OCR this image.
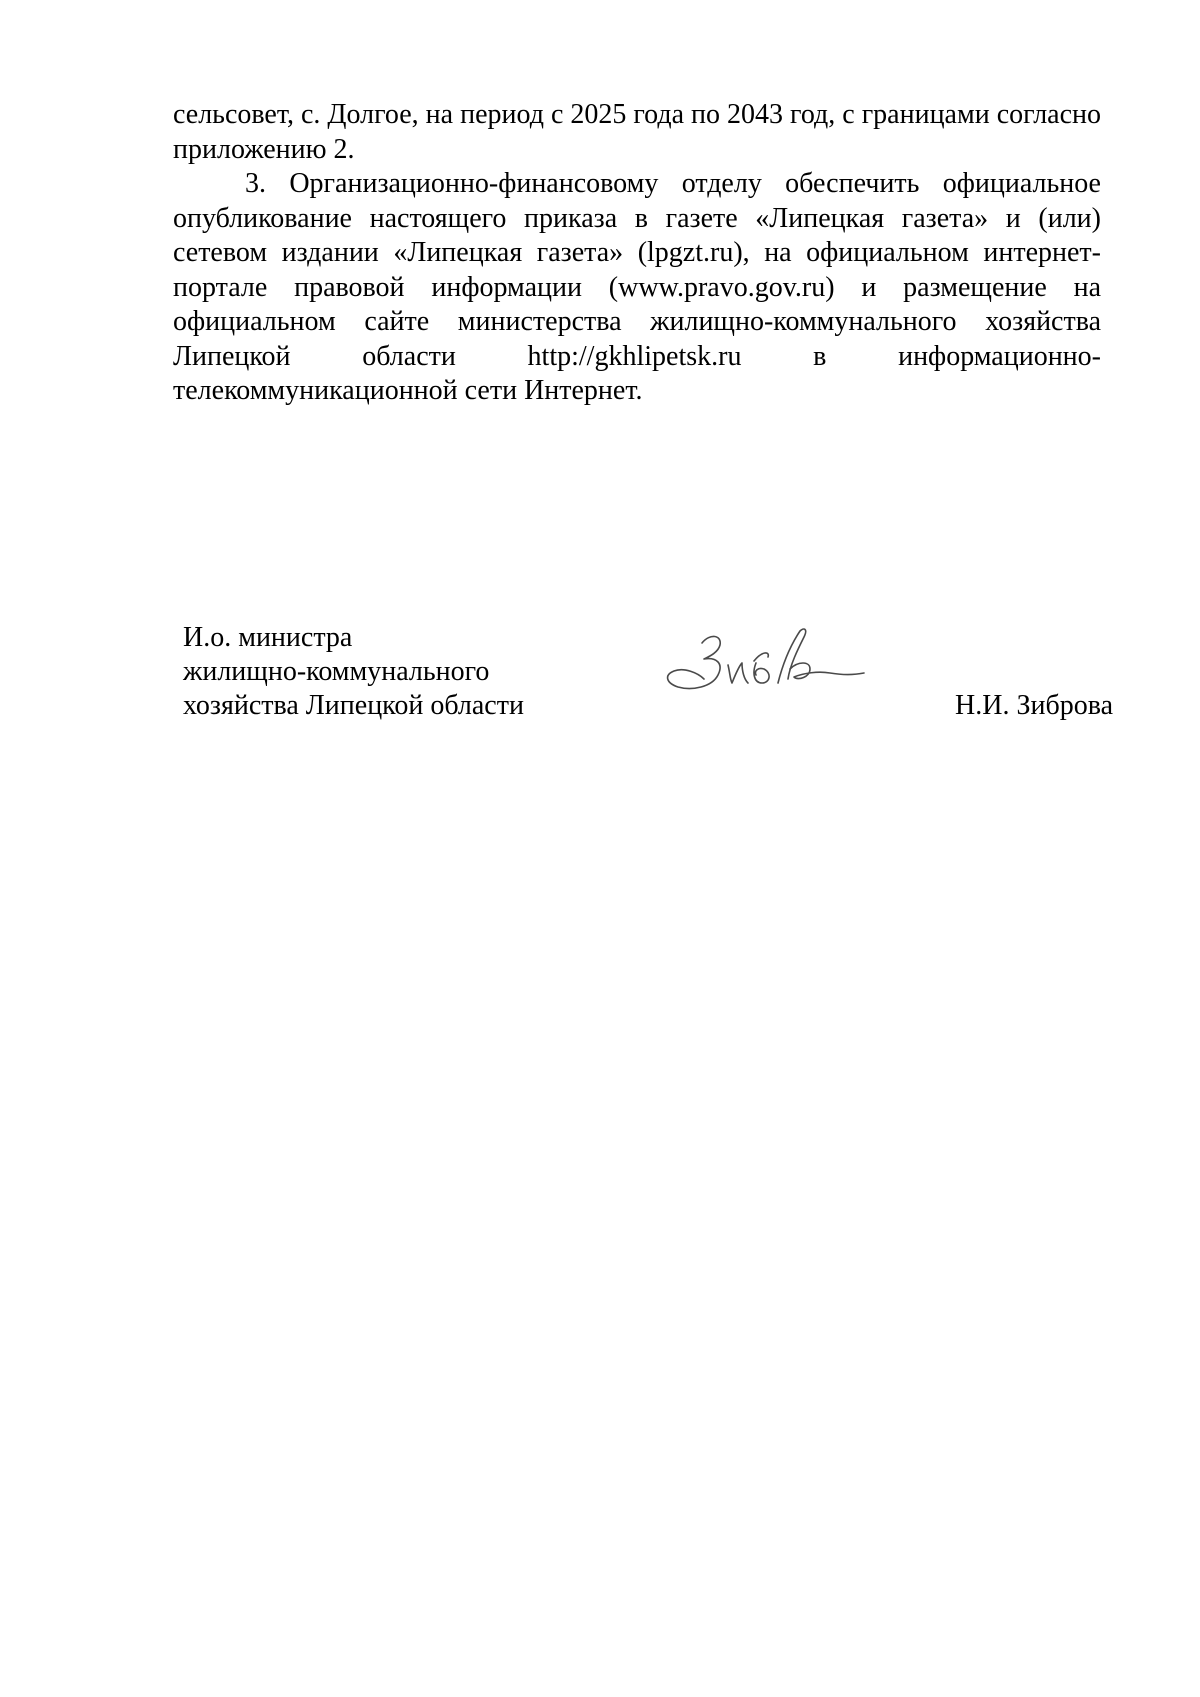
сельсовет, с. Долгое, на период с 2025 года по 2043 год, с границами согласно приложению 2.

3. Организационно-финансовому отделу обеспечить официальное опубликование настоящего приказа в газете «Липецкая газета» и (или) сетевом издании «Липецкая газета» (lpgzt.ru), на официальном интернет-портале правовой информации (www.pravo.gov.ru) и размещение на официальном сайте министерства жилищно-коммунального хозяйства Липецкой области http://gkhlipetsk.ru в информационно-телекоммуникационной сети Интернет.

И.о. министра
жилищно-коммунального
хозяйства Липецкой области	Н.И. Зиброва
